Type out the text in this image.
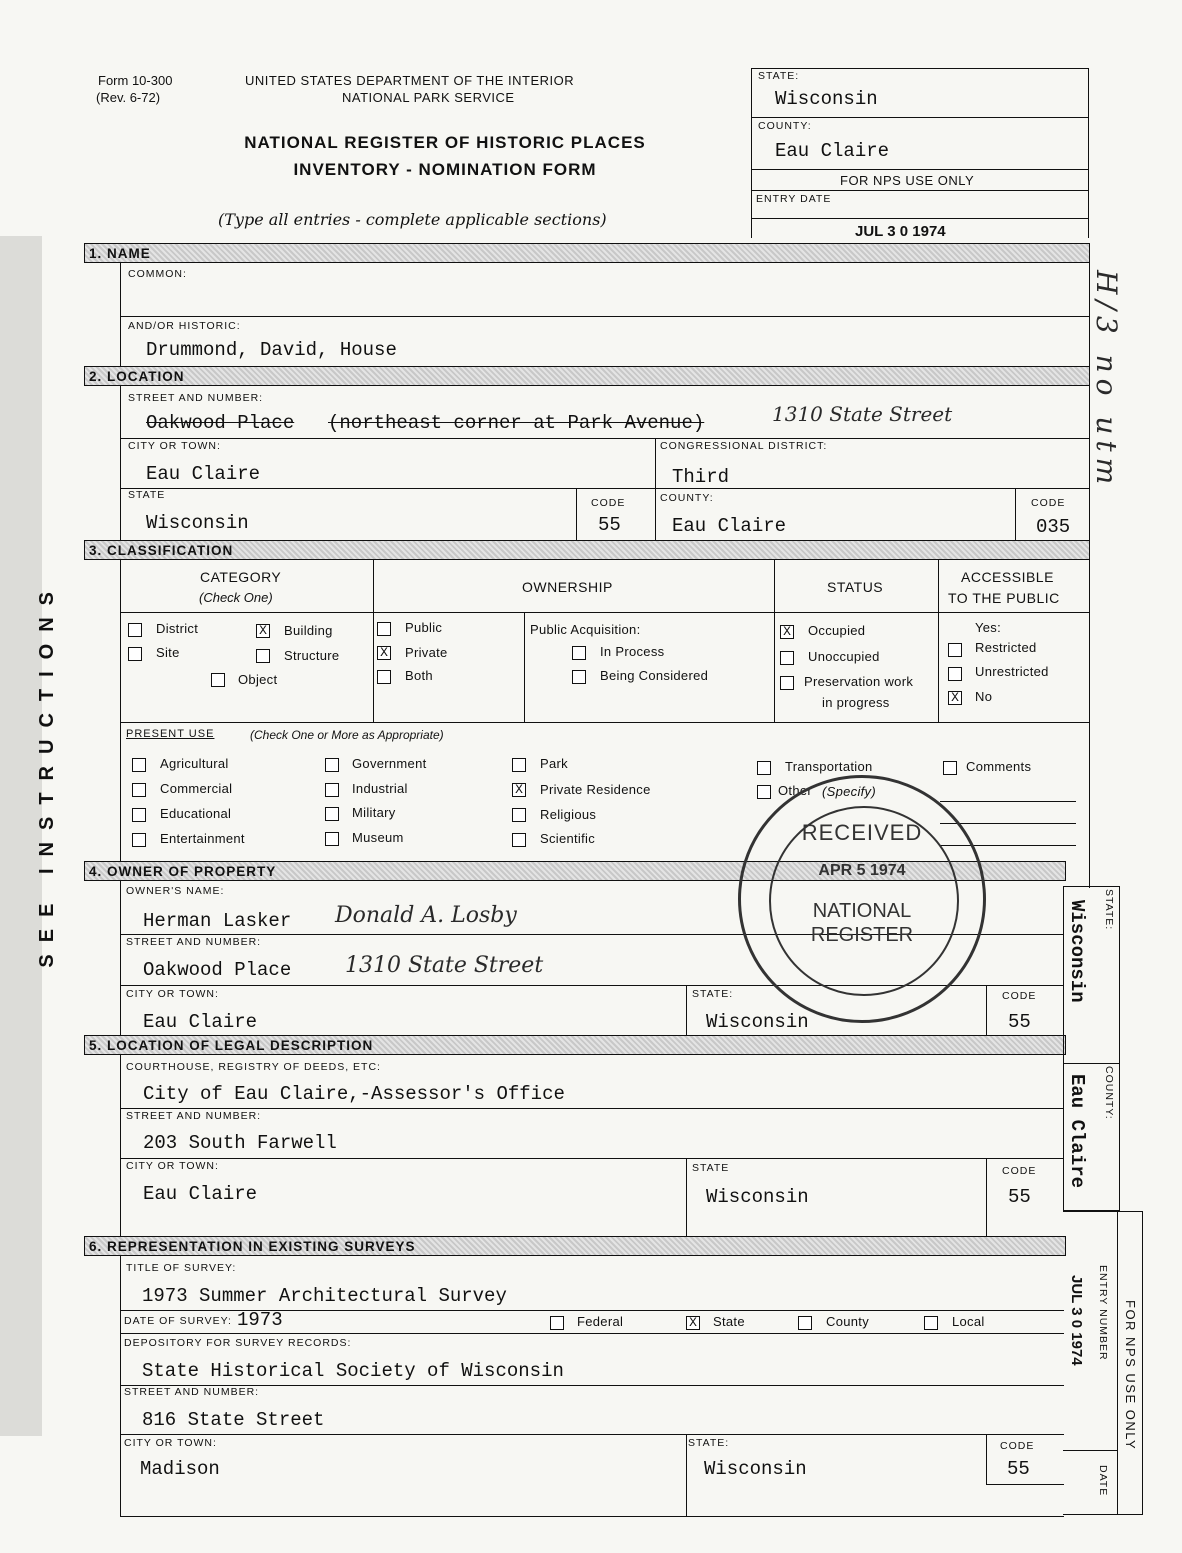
SEE INSTRUCTIONS
Form 10-300
(Rev. 6-72)
UNITED STATES DEPARTMENT OF THE INTERIOR
NATIONAL PARK SERVICE
NATIONAL REGISTER OF HISTORIC PLACES
INVENTORY - NOMINATION FORM
(Type all entries - complete applicable sections)
STATE:
Wisconsin
COUNTY:
Eau Claire
FOR NPS USE ONLY
ENTRY DATE
JUL 3 0 1974
H/3 no utm
1. NAME
COMMON:
AND/OR HISTORIC:
Drummond, David, House
2. LOCATION
STREET AND NUMBER:
Oakwood Place (northeast corner at Park Avenue)	1310 State Street
CITY OR TOWN:
Eau Claire
CONGRESSIONAL DISTRICT:
Third
STATE
Wisconsin
CODE
55
COUNTY:
Eau Claire
CODE
035
3. CLASSIFICATION
CATEGORY
(Check One)
OWNERSHIP	STATUS
ACCESSIBLE
TO THE PUBLIC
District	X Building
Site	Structure
Object
Public
X Private
Both
Public Acquisition:
In Process
Being Considered
X Occupied
Unoccupied
Preservation work
in progress
Yes:
Restricted
Unrestricted
X No
PRESENT USE	(Check One or More as Appropriate)
Agricultural
Commercial
Educational
Entertainment
Government
Industrial
Military
Museum
Park
X Private Residence
Religious
Scientific
Transportation
Other (Specify)
Comments
4. OWNER OF PROPERTY
OWNER'S NAME:
Herman Lasker Donald A. Losby
STREET AND NUMBER:
Oakwood Place 1310 State Street
CITY OR TOWN:
Eau Claire
STATE:
Wisconsin
CODE
55
5. LOCATION OF LEGAL DESCRIPTION
COURTHOUSE, REGISTRY OF DEEDS, ETC:
City of Eau Claire,-Assessor's Office
STREET AND NUMBER:
203 South Farwell
CITY OR TOWN:
Eau Claire
STATE
Wisconsin
CODE
55
STATE:
Wisconsin
COUNTY:
Eau Claire
6. REPRESENTATION IN EXISTING SURVEYS
TITLE OF SURVEY:
1973 Summer Architectural Survey
DATE OF SURVEY: 1973	Federal	X State	County	Local
DEPOSITORY FOR SURVEY RECORDS:
State Historical Society of Wisconsin
STREET AND NUMBER:
816 State Street
CITY OR TOWN:
Madison
STATE:
Wisconsin
CODE
55
ENTRY NUMBER
JUL 3 0 1974
DATE
FOR NPS USE ONLY
RECEIVED
APR 5 1974
NATIONAL
REGISTER
